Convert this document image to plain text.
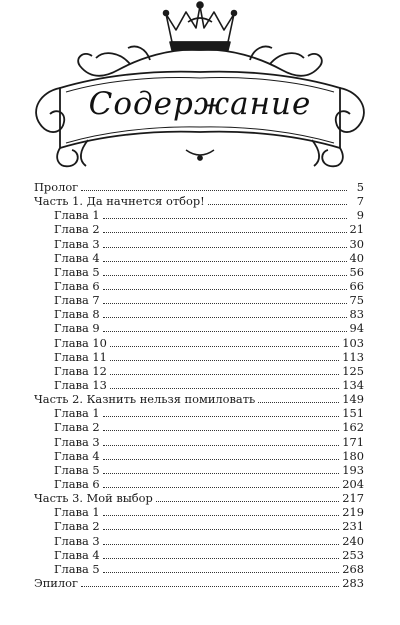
Содержание
Пролог	5
Часть 1. Да начнется отбор!	7
Глава 1	9
Глава 2	21
Глава 3	30
Глава 4	40
Глава 5	56
Глава 6	66
Глава 7	75
Глава 8	83
Глава 9	94
Глава 10	103
Глава 11	113
Глава 12	125
Глава 13	134
Часть 2. Казнить нельзя помиловать	149
Глава 1	151
Глава 2	162
Глава 3	171
Глава 4	180
Глава 5	193
Глава 6	204
Часть 3. Мой выбор	217
Глава 1	219
Глава 2	231
Глава 3	240
Глава 4	253
Глава 5	268
Эпилог	283
